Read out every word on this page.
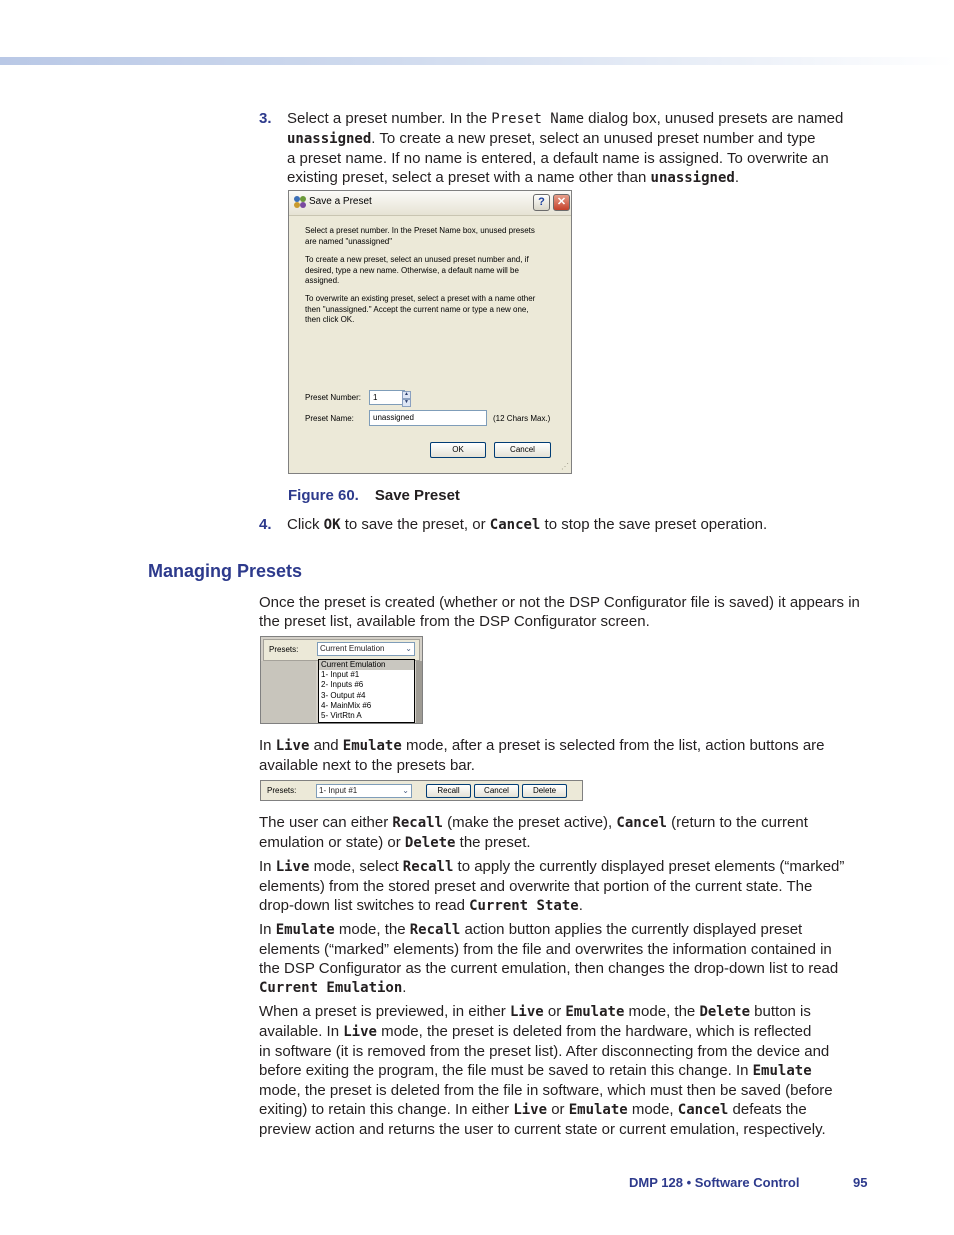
3. Select a preset number. In the Preset Name dialog box, unused presets are named
unassigned. To create a new preset, select an unused preset number and type
a preset name. If no name is entered, a default name is assigned. To overwrite an
existing preset, select a preset with a name other than unassigned.
Save a Preset	?	✕
Select a preset number. In the Preset Name box, unused presets
are named "unassigned"
To create a new preset, select an unused preset number and, if
desired, type a new name. Otherwise, a default name will be
assigned.
To overwrite an existing preset, select a preset with a name other
then "unassigned." Accept the current name or type a new one,
then click OK.
Preset Number:	1	▲
▼
Preset Name:	unassigned	(12 Chars Max.)
OK	Cancel
⋰
Figure 60. Save Preset
4. Click OK to save the preset, or Cancel to stop the save preset operation.
Managing Presets

Once the preset is created (whether or not the DSP Configurator file is saved) it appears in
the preset list, available from the DSP Configurator screen.

Presets:	Current Emulation	⌄
Current Emulation
1- Input #1
2- Inputs #6
3- Output #4
4- MainMix #6
5- VirtRtn A

In Live and Emulate mode, after a preset is selected from the list, action buttons are
available next to the presets bar.

Presets:	1- Input #1	⌄	Recall	Cancel	Delete

The user can either Recall (make the preset active), Cancel (return to the current
emulation or state) or Delete the preset.

In Live mode, select Recall to apply the currently displayed preset elements (“marked”
elements) from the stored preset and overwrite that portion of the current state. The
drop-down list switches to read Current State.

In Emulate mode, the Recall action button applies the currently displayed preset
elements (“marked” elements) from the file and overwrites the information contained in
the DSP Configurator as the current emulation, then changes the drop-down list to read
Current Emulation.

When a preset is previewed, in either Live or Emulate mode, the Delete button is
available. In Live mode, the preset is deleted from the hardware, which is reflected
in software (it is removed from the preset list). After disconnecting from the device and
before exiting the program, the file must be saved to retain this change. In Emulate
mode, the preset is deleted from the file in software, which must then be saved (before
exiting) to retain this change. In either Live or Emulate mode, Cancel defeats the
preview action and returns the user to current state or current emulation, respectively.

DMP 128 • Software Control	95
